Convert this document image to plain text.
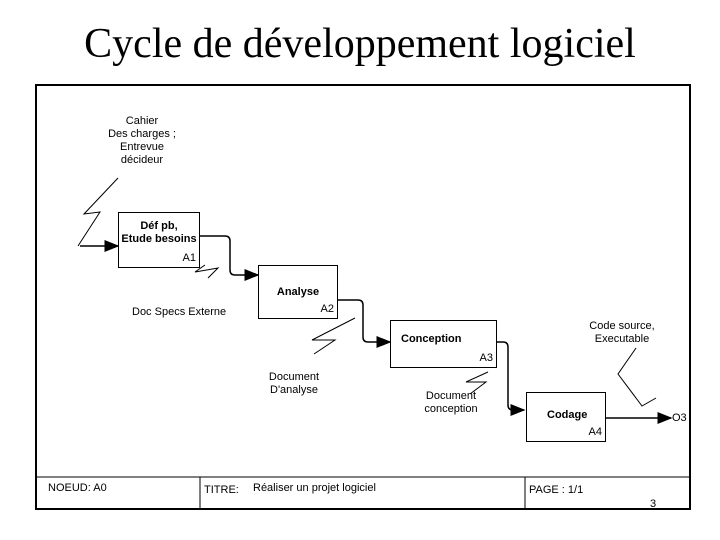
Cycle de développement logiciel
Cahier
Des charges ;
Entrevue
décideur
Déf pb,
Etude besoins
A1
Analyse
A2
Doc Specs Externe
Conception
A3
Code source,
Executable
Document
D'analyse	Document
conception	Codage
A4
O3
NOEUD: A0	TITRE: Réaliser un projet logiciel	PAGE : 1/1
3
